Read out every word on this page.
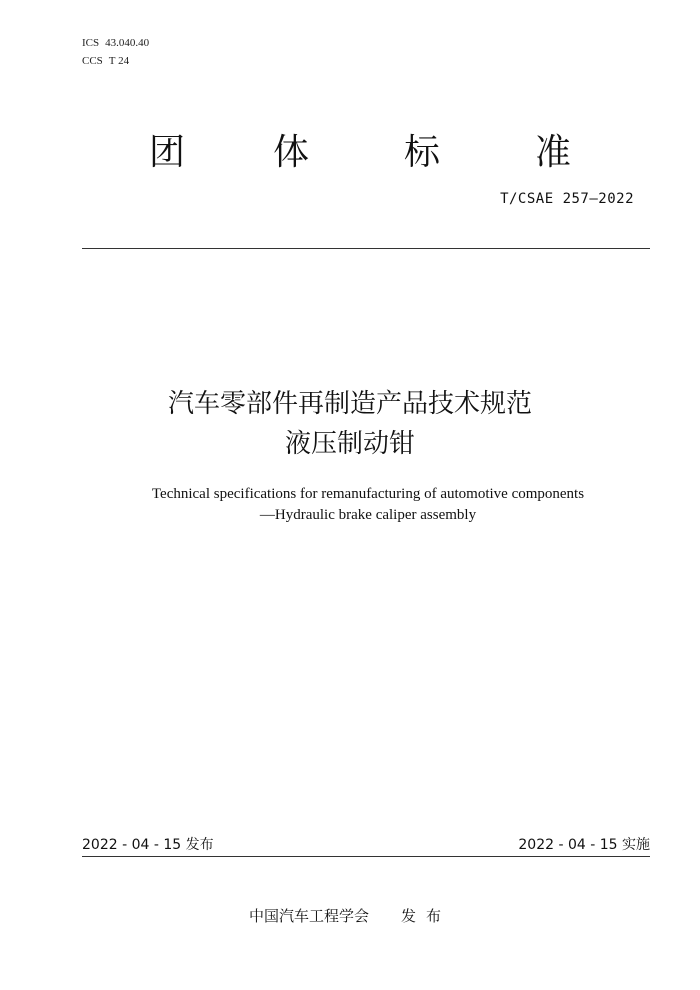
ICS 43.040.40
CCS T 24
团 体	标	准
T/CSAE 257—2022
汽车零部件再制造产品技术规范
液压制动钳
Technical specifications for remanufacturing of automotive components
—Hydraulic brake caliper assembly
2022 - 04 - 15 发布	2022 - 04 - 15 实施
中国汽车工程学会 发布
